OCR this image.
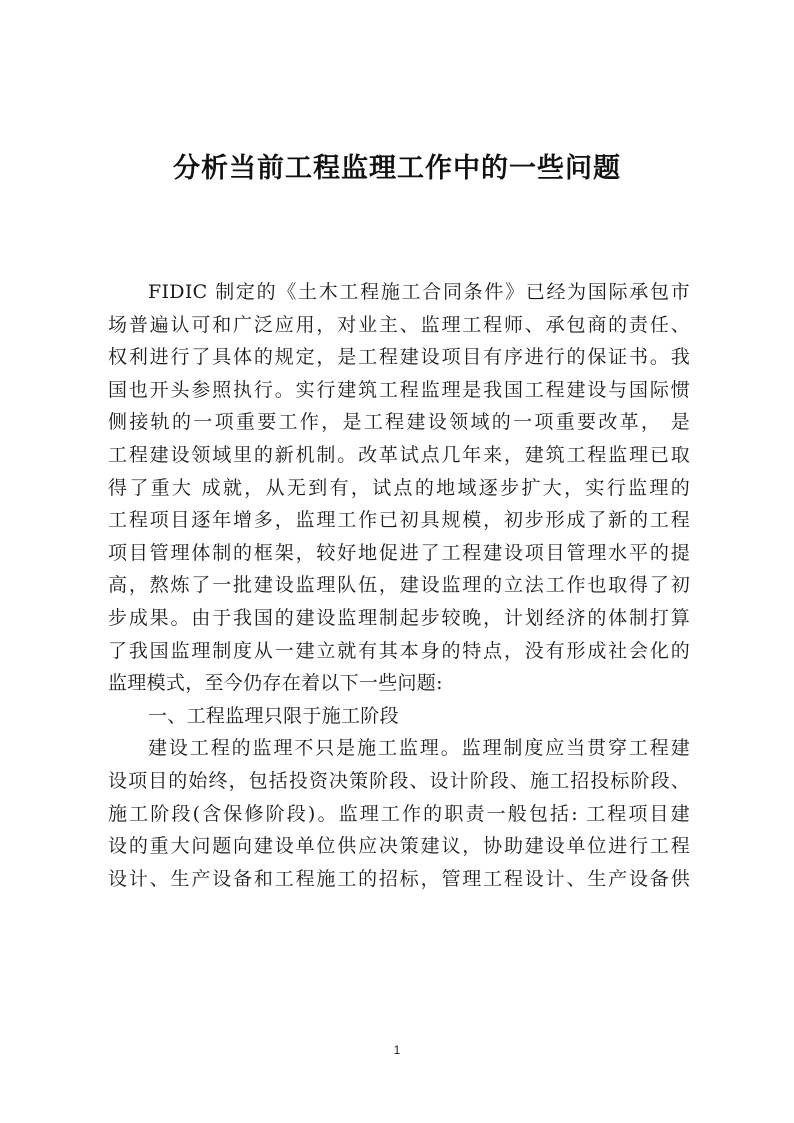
分析当前工程监理工作中的一些问题
FIDIC 制定的《土木工程施工合同条件》已经为国际承包市
场普遍认可和广泛应用，对业主、监理工程师、承包商的责任、
权利进行了具体的规定，是工程建设项目有序进行的保证书。我
国也开头参照执行。实行建筑工程监理是我国工程建设与国际惯
侧接轨的一项重要工作，是工程建设领域的一项重要改革， 是
工程建设领域里的新机制。改革试点几年来，建筑工程监理已取
得了重大 成就，从无到有，试点的地域逐步扩大，实行监理的
工程项目逐年增多，监理工作已初具规模，初步形成了新的工程
项目管理体制的框架，较好地促进了工程建设项目管理水平的提
高，熬炼了一批建设监理队伍，建设监理的立法工作也取得了初
步成果。由于我国的建设监理制起步较晚，计划经济的体制打算
了我国监理制度从一建立就有其本身的特点，没有形成社会化的
监理模式，至今仍存在着以下一些问题:
一、工程监理只限于施工阶段
建设工程的监理不只是施工监理。监理制度应当贯穿工程建
设项目的始终，包括投资决策阶段、设计阶段、施工招投标阶段、
施工阶段(含保修阶段)。监理工作的职责一般包括: 工程项目建
设的重大问题向建设单位供应决策建议，协助建设单位进行工程
设计、生产设备和工程施工的招标，管理工程设计、生产设备供
1
